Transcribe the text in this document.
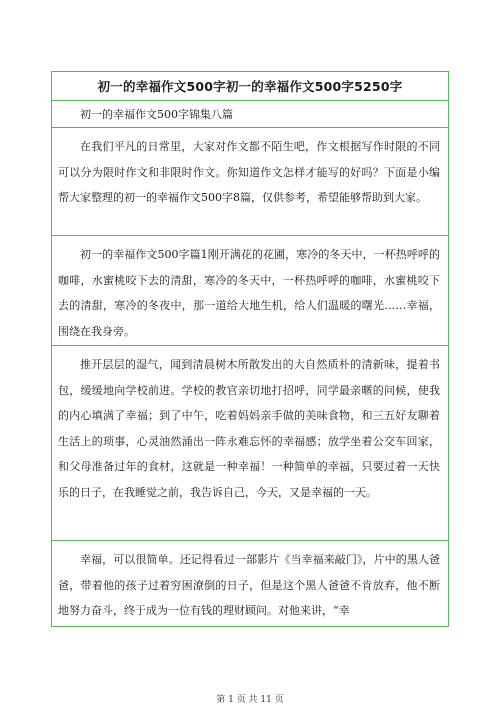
初一的幸福作文500字初一的幸福作文500字5250字
初一的幸福作文500字锦集八篇
在我们平凡的日常里，大家对作文都不陌生吧，作文根据写作时限的不同可以分为限时作文和非限时作文。你知道作文怎样才能写的好吗？下面是小编帮大家整理的初一的幸福作文500字8篇，仅供参考，希望能够帮助到大家。
初一的幸福作文500字篇1刚开满花的花圃，寒冷的冬天中，一杯热呼呼的咖啡，水蜜桃咬下去的清甜，寒冷的冬天中，一杯热呼呼的咖啡，水蜜桃咬下去的清甜，寒冷的冬夜中，那一道给大地生机，给人们温暖的曙光……幸福，围绕在我身旁。
推开层层的湿气，闻到清晨树木所散发出的大自然质朴的清新味，提着书包，缓缓地向学校前进。学校的教官亲切地打招呼，同学最亲暱的问候，使我的内心填满了幸福；到了中午，吃着妈妈亲手做的美味食物，和三五好友聊着生活上的琐事，心灵油然涌出一阵永难忘怀的幸福感；放学坐着公交车回家，和父母准备过年的食材，这就是一种幸福！一种简单的幸福，只要过着一天快乐的日子，在我睡觉之前，我告诉自己，今天，又是幸福的一天。
幸福，可以很简单。还记得看过一部影片《当幸福来敲门》，片中的黑人爸爸，带着他的孩子过着穷困潦倒的日子，但是这个黑人爸爸不肯放弃，他不断地努力奋斗，终于成为一位有钱的理财顾问。对他来讲，“幸
第 1 页 共 11 页
